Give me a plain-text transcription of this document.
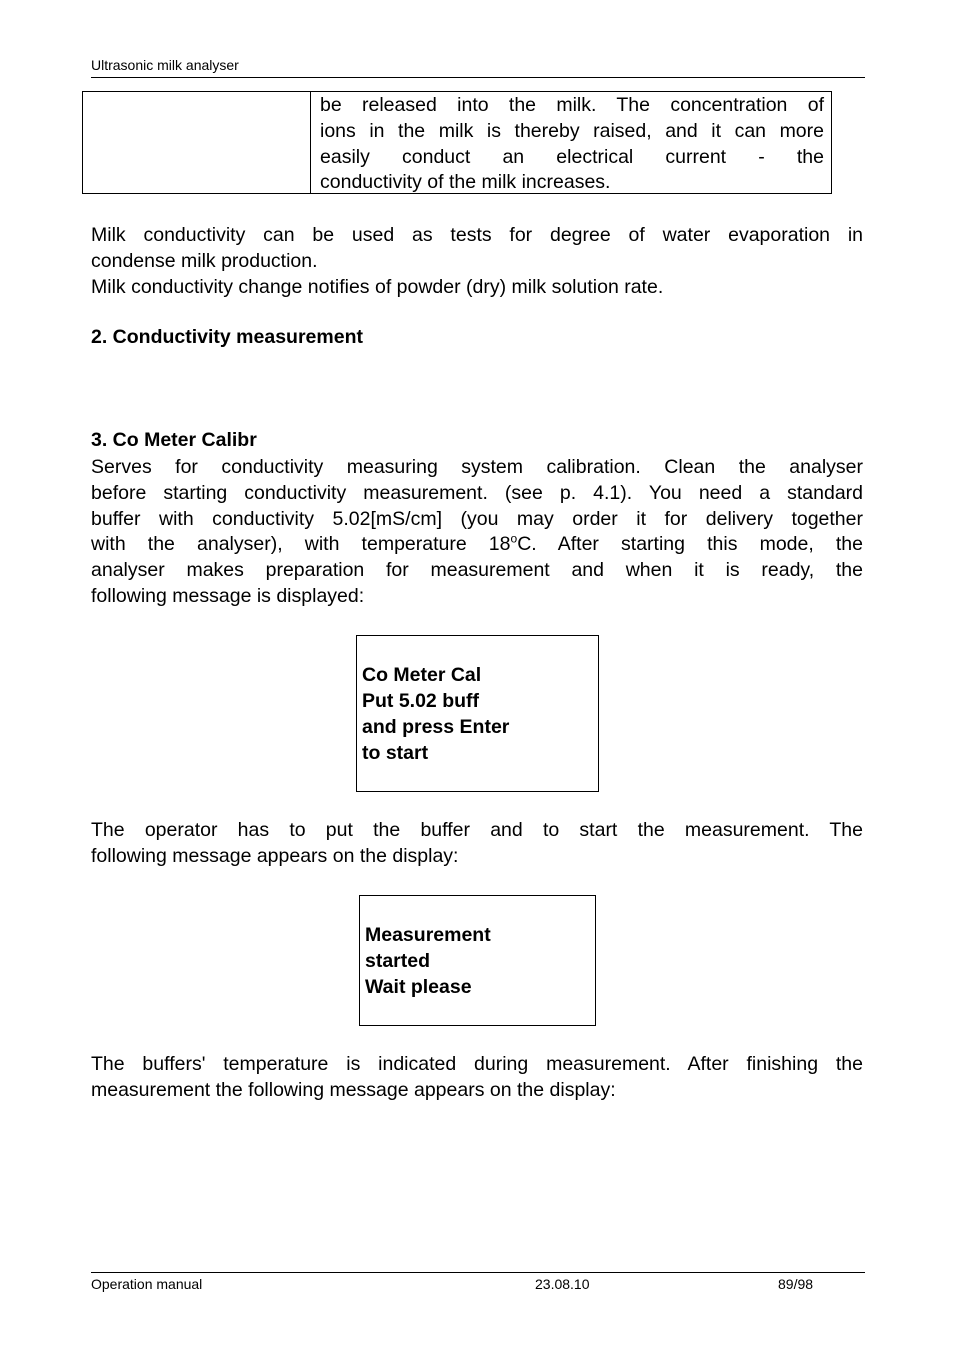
Ultrasonic milk analyser
be released into the milk. The concentration of
ions in the milk is thereby raised, and it can more
easily conduct an electrical current - the
conductivity of the milk increases.
Milk conductivity can be used as tests for degree of water evaporation in
condense milk production.
Milk conductivity change notifies of powder (dry) milk solution rate.
2. Conductivity measurement
3. Co Meter Calibr
Serves for conductivity measuring system calibration. Clean the analyser
before starting conductivity measurement. (see p. 4.1). You need a standard
buffer with conductivity 5.02[mS/cm] (you may order it for delivery together
with the analyser), with temperature 18$^o$C. After starting this mode, the
analyser makes preparation for measurement and when it is ready, the
following message is displayed:
Co Meter Cal
Put 5.02 buff
and press Enter
to start
The operator has to put the buffer and to start the measurement. The
following message appears on the display:
Measurement
started
Wait please
The buffers' temperature is indicated during measurement. After finishing the
measurement the following message appears on the display:
Operation manual	23.08.10	89/98
